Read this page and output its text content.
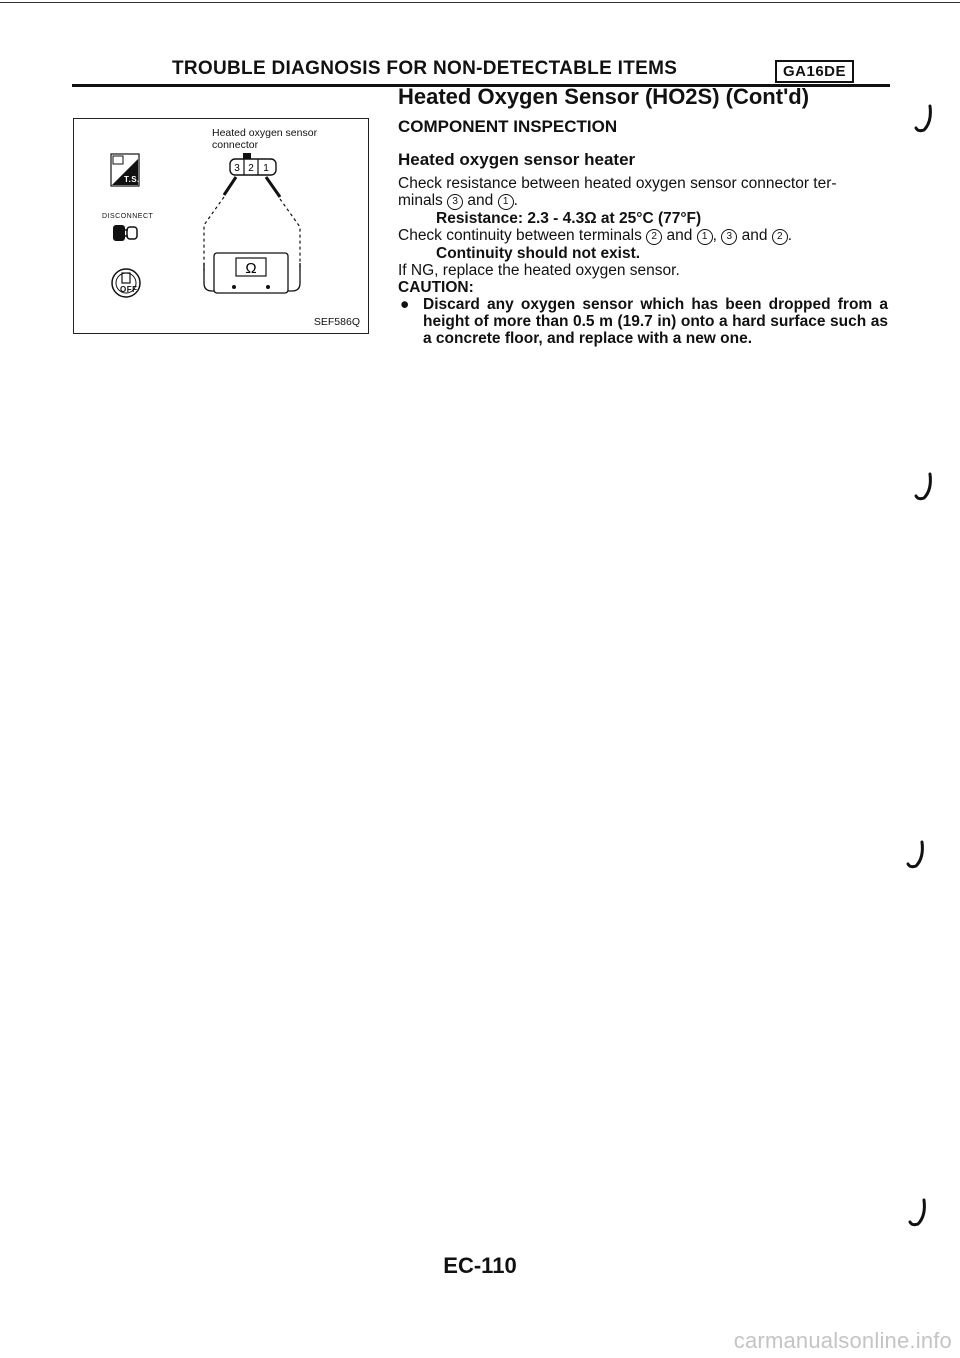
TROUBLE DIAGNOSIS FOR NON-DETECTABLE ITEMS	GA16DE
T.S.
DISCONNECT
OFF
Heated oxygen sensor connector
3 2 1
Ω
SEF586Q
Heated Oxygen Sensor (HO2S) (Cont'd)
COMPONENT INSPECTION
Heated oxygen sensor heater

Check resistance between heated oxygen sensor connector ter-

minals 3 and 1 .

Resistance: 2.3 - 4.3Ω at 25°C (77°F)

Check continuity between terminals 2 and 1 , 3 and 2 .

Continuity should not exist.

If NG, replace the heated oxygen sensor.

CAUTION:

● Discard any oxygen sensor which has been dropped from a height of more than 0.5 m (19.7 in) onto a hard surface such as a concrete floor, and replace with a new one.
EC-110
carmanualsonline.info
